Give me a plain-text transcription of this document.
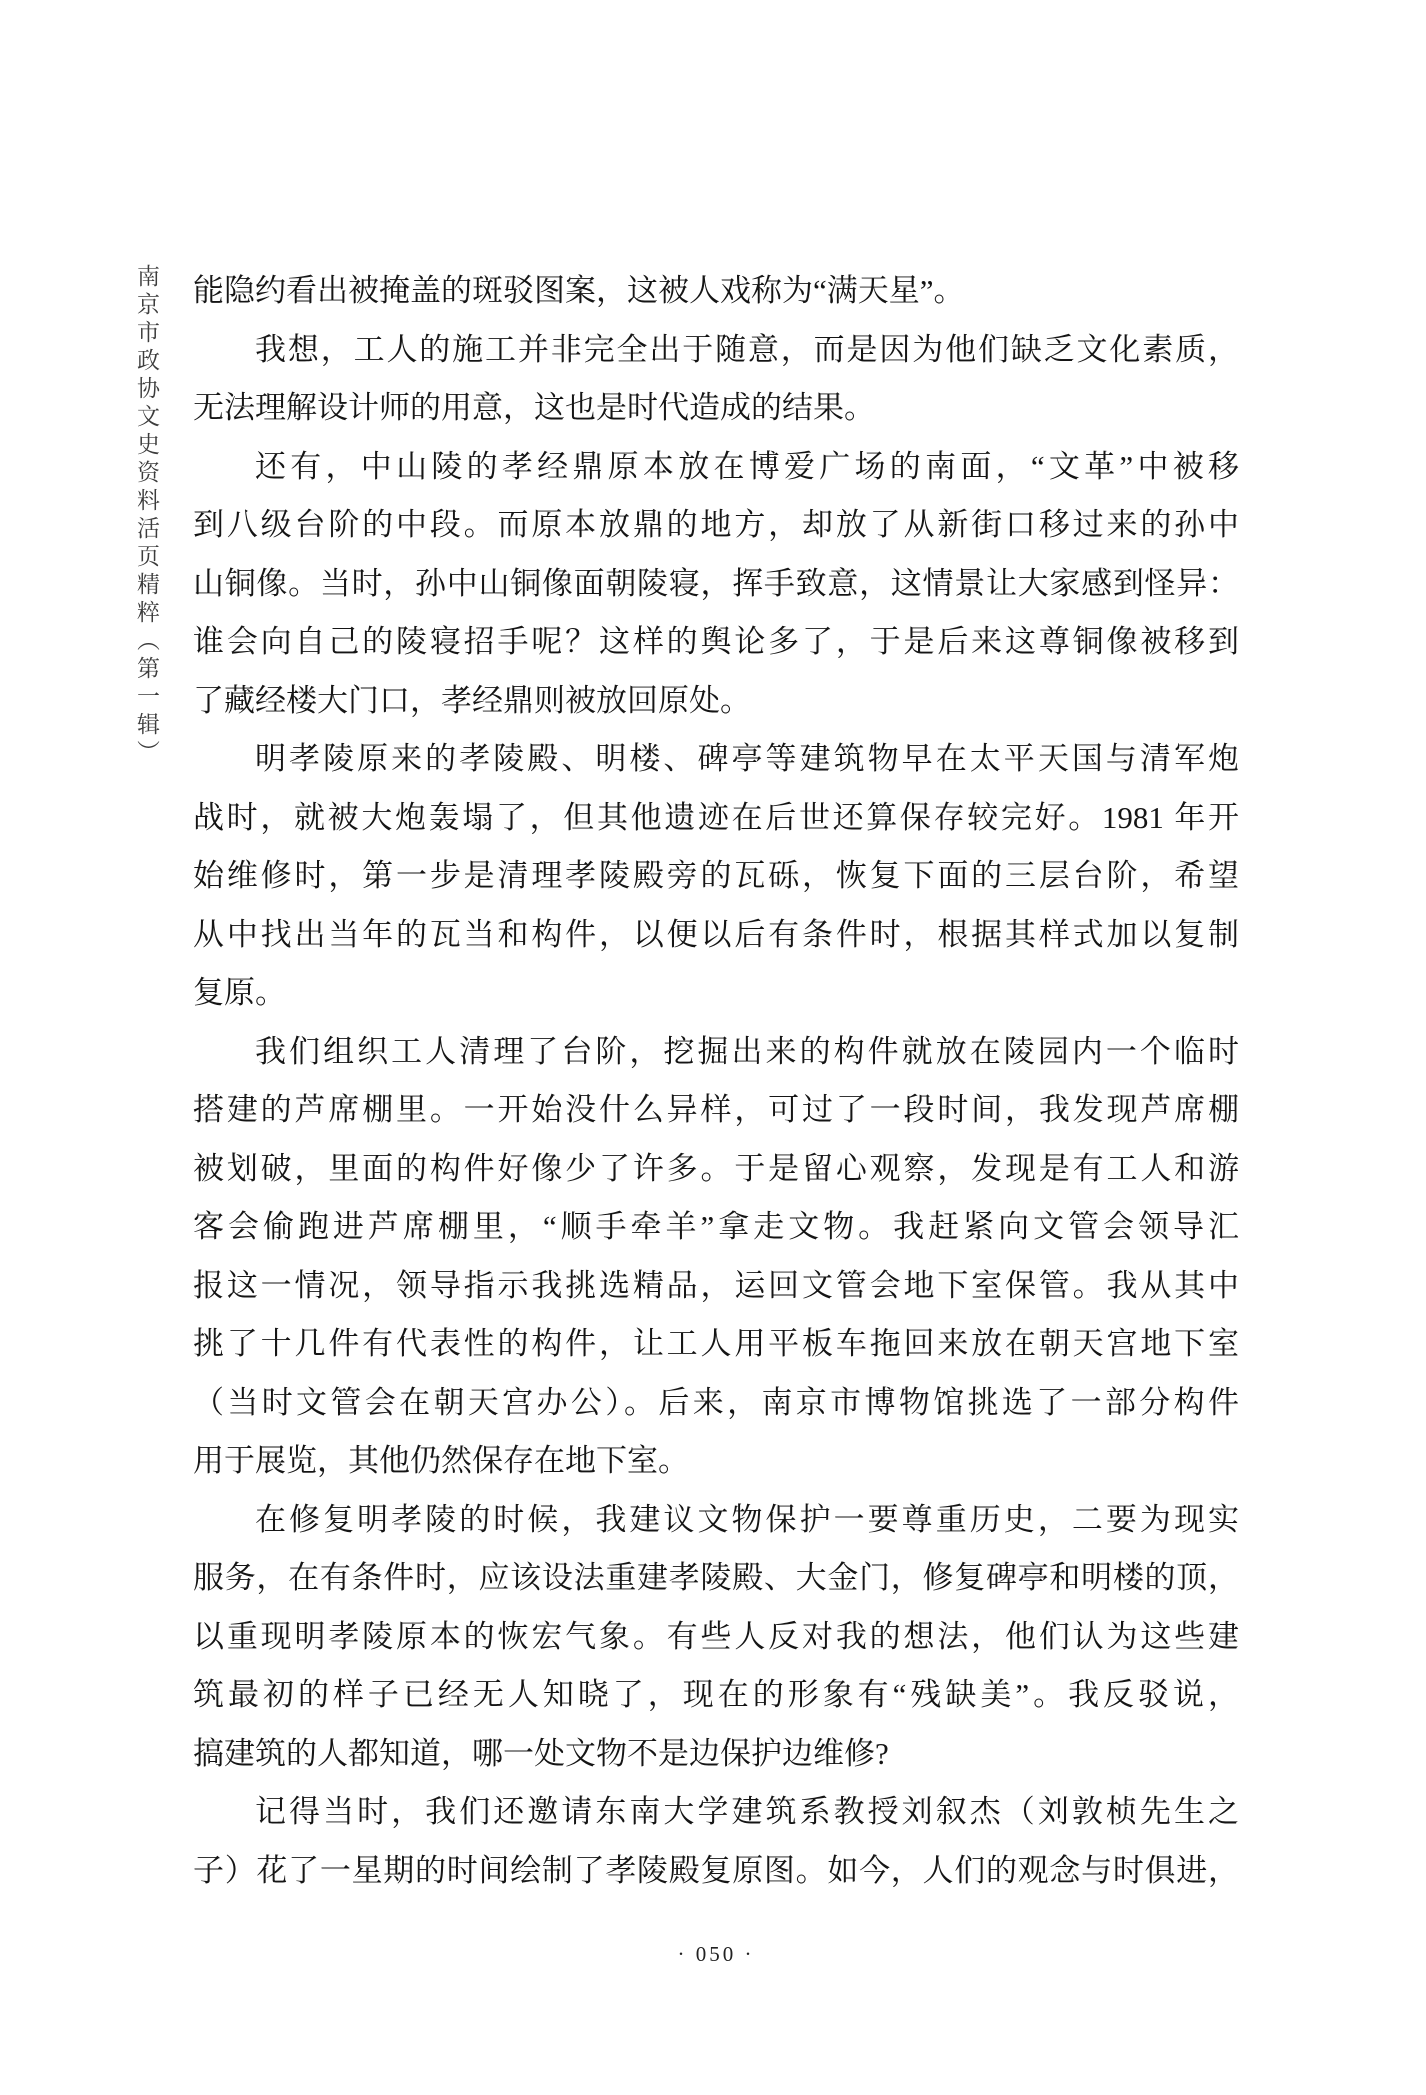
南京市政协文史资料活页精粹（第一辑） 能隐约看出被掩盖的斑驳图案，这被人戏称为“满天星”。
我想，工人的施工并非完全出于随意，而是因为他们缺乏文化素质，
无法理解设计师的用意，这也是时代造成的结果。
还有，中山陵的孝经鼎原本放在博爱广场的南面，“文革”中被移
到八级台阶的中段。而原本放鼎的地方，却放了从新街口移过来的孙中
山铜像。当时，孙中山铜像面朝陵寝，挥手致意，这情景让大家感到怪异：
谁会向自己的陵寝招手呢？这样的舆论多了，于是后来这尊铜像被移到
了藏经楼大门口，孝经鼎则被放回原处。
明孝陵原来的孝陵殿、明楼、碑亭等建筑物早在太平天国与清军炮
战时，就被大炮轰塌了，但其他遗迹在后世还算保存较完好。1981 年开
始维修时，第一步是清理孝陵殿旁的瓦砾，恢复下面的三层台阶，希望
从中找出当年的瓦当和构件，以便以后有条件时，根据其样式加以复制
复原。
我们组织工人清理了台阶，挖掘出来的构件就放在陵园内一个临时
搭建的芦席棚里。一开始没什么异样，可过了一段时间，我发现芦席棚
被划破，里面的构件好像少了许多。于是留心观察，发现是有工人和游
客会偷跑进芦席棚里，“顺手牵羊”拿走文物。我赶紧向文管会领导汇
报这一情况，领导指示我挑选精品，运回文管会地下室保管。我从其中
挑了十几件有代表性的构件，让工人用平板车拖回来放在朝天宫地下室
（当时文管会在朝天宫办公）。后来，南京市博物馆挑选了一部分构件
用于展览，其他仍然保存在地下室。
在修复明孝陵的时候，我建议文物保护一要尊重历史，二要为现实
服务，在有条件时，应该设法重建孝陵殿、大金门，修复碑亭和明楼的顶，
以重现明孝陵原本的恢宏气象。有些人反对我的想法，他们认为这些建
筑最初的样子已经无人知晓了，现在的形象有“残缺美”。我反驳说，
搞建筑的人都知道，哪一处文物不是边保护边维修?
记得当时，我们还邀请东南大学建筑系教授刘叙杰（刘敦桢先生之
子）花了一星期的时间绘制了孝陵殿复原图。如今，人们的观念与时俱进，
· 050 ·
